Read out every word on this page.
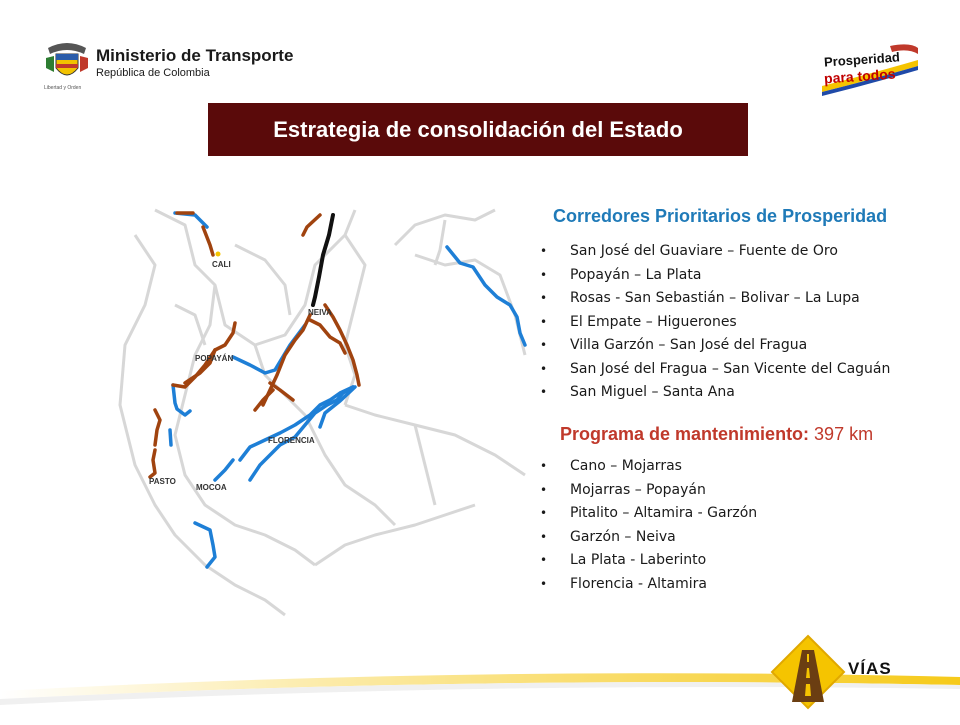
Libertad y Orden
Ministerio de Transporte
República de Colombia
Prosperidad
para todos
Estrategia de consolidación del Estado
CALI
NEIVA
POPAYÁN
FLORENCIA
PASTO
MOCOA
Corredores Prioritarios de Prosperidad
• San José del Guaviare – Fuente de Oro
• Popayán – La Plata
• Rosas - San Sebastián – Bolivar – La Lupa
• El Empate – Higuerones
• Villa Garzón – San José del Fragua
• San José del Fragua – San Vicente del Caguán
• San Miguel – Santa Ana
Programa de mantenimiento: 397 km
• Cano – Mojarras
• Mojarras – Popayán
• Pitalito – Altamira - Garzón
• Garzón – Neiva
• La Plata - Laberinto
• Florencia - Altamira
VÍAS
